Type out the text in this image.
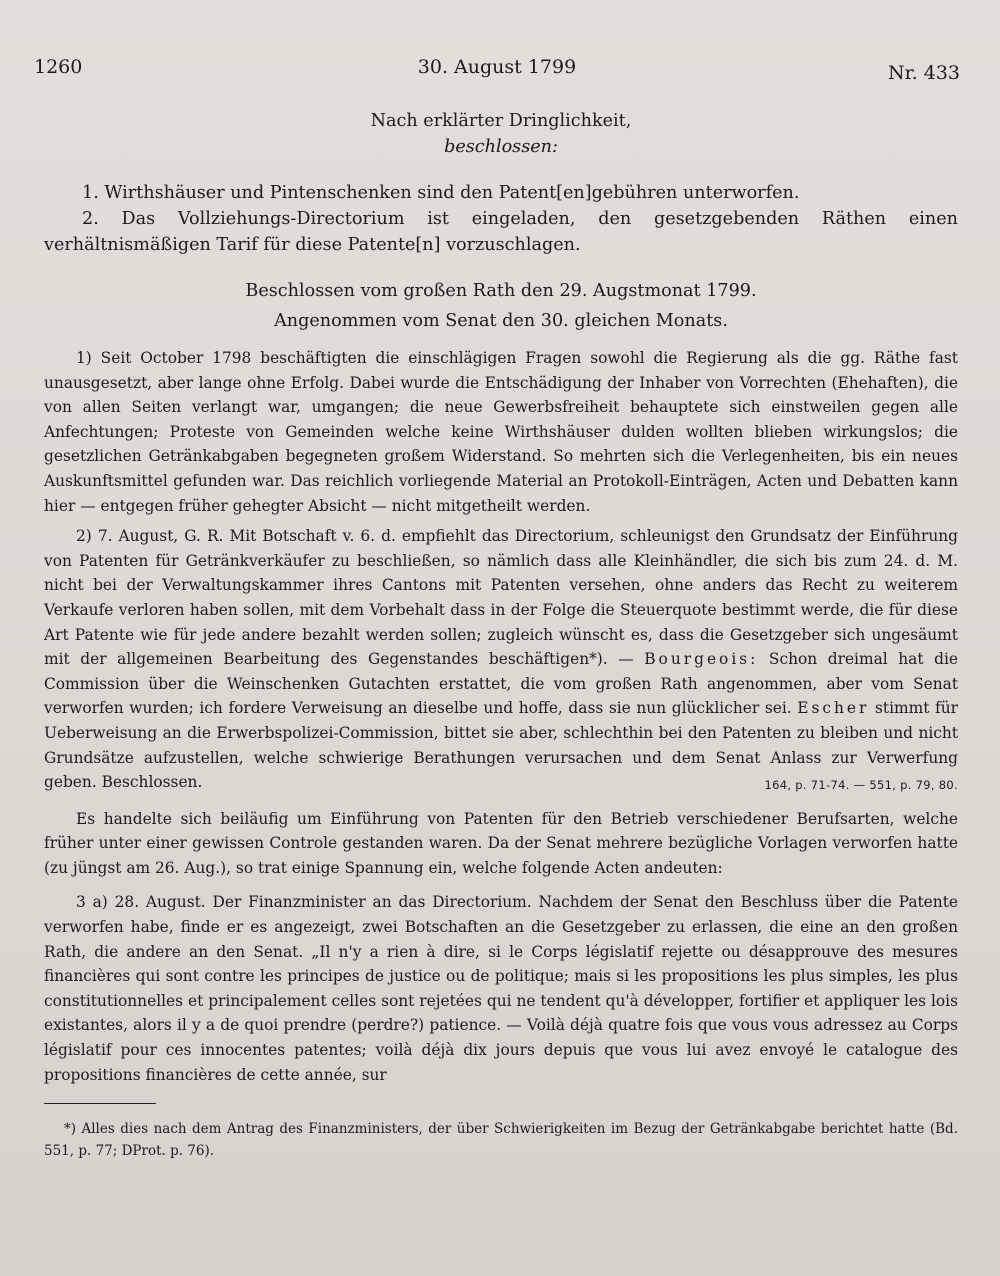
1260	30. August 1799	Nr. 433
Nach erklärter Dringlichkeit,
beschlossen:

1. Wirthshäuser und Pintenschenken sind den Patent[en]gebühren unterworfen.

2. Das Vollziehungs-Directorium ist eingeladen, den gesetzgebenden Räthen einen verhältnismäßigen Tarif für diese Patente[n] vorzuschlagen.

Beschlossen vom großen Rath den 29. Augstmonat 1799.
Angenommen vom Senat den 30. gleichen Monats.

1) Seit October 1798 beschäftigten die einschlägigen Fragen sowohl die Regierung als die gg. Räthe fast unausgesetzt, aber lange ohne Erfolg. Dabei wurde die Entschädigung der Inhaber von Vorrechten (Ehehaften), die von allen Seiten verlangt war, umgangen; die neue Gewerbsfreiheit behauptete sich einstweilen gegen alle Anfechtungen; Proteste von Gemeinden welche keine Wirthshäuser dulden wollten blieben wirkungslos; die gesetzlichen Getränkabgaben begegneten großem Widerstand. So mehrten sich die Verlegenheiten, bis ein neues Auskunftsmittel gefunden war. Das reichlich vorliegende Material an Protokoll-Einträgen, Acten und Debatten kann hier — entgegen früher gehegter Absicht — nicht mitgetheilt werden.

2) 7. August, G. R. Mit Botschaft v. 6. d. empfiehlt das Directorium, schleunigst den Grundsatz der Einführung von Patenten für Getränkverkäufer zu beschließen, so nämlich dass alle Kleinhändler, die sich bis zum 24. d. M. nicht bei der Verwaltungskammer ihres Cantons mit Patenten versehen, ohne anders das Recht zu weiterem Verkaufe verloren haben sollen, mit dem Vorbehalt dass in der Folge die Steuerquote bestimmt werde, die für diese Art Patente wie für jede andere bezahlt werden sollen; zugleich wünscht es, dass die Gesetzgeber sich ungesäumt mit der allgemeinen Bearbeitung des Gegenstandes beschäftigen*). — Bourgeois: Schon dreimal hat die Commission über die Weinschenken Gutachten erstattet, die vom großen Rath angenommen, aber vom Senat verworfen wurden; ich fordere Verweisung an dieselbe und hoffe, dass sie nun glücklicher sei. Escher stimmt für Ueberweisung an die Erwerbspolizei-Commission, bittet sie aber, schlechthin bei den Patenten zu bleiben und nicht Grundsätze aufzustellen, welche schwierige Berathungen verursachen und dem Senat Anlass zur Verwerfung geben. Beschlossen.	164, p. 71-74. — 551, p. 79, 80.

Es handelte sich beiläufig um Einführung von Patenten für den Betrieb verschiedener Berufsarten, welche früher unter einer gewissen Controle gestanden waren. Da der Senat mehrere bezügliche Vorlagen verworfen hatte (zu jüngst am 26. Aug.), so trat einige Spannung ein, welche folgende Acten andeuten:

3 a) 28. August. Der Finanzminister an das Directorium. Nachdem der Senat den Beschluss über die Patente verworfen habe, finde er es angezeigt, zwei Botschaften an die Gesetzgeber zu erlassen, die eine an den großen Rath, die andere an den Senat. „Il n'y a rien à dire, si le Corps législatif rejette ou désapprouve des mesures financières qui sont contre les principes de justice ou de politique; mais si les propositions les plus simples, les plus constitutionnelles et principalement celles sont rejetées qui ne tendent qu'à développer, fortifier et appliquer les lois existantes, alors il y a de quoi prendre (perdre?) patience. — Voilà déjà quatre fois que vous vous adressez au Corps législatif pour ces innocentes patentes; voilà déjà dix jours depuis que vous lui avez envoyé le catalogue des propositions financières de cette année, sur

*) Alles dies nach dem Antrag des Finanzministers, der über Schwierigkeiten im Bezug der Getränkabgabe berichtet hatte (Bd. 551, p. 77; DProt. p. 76).
